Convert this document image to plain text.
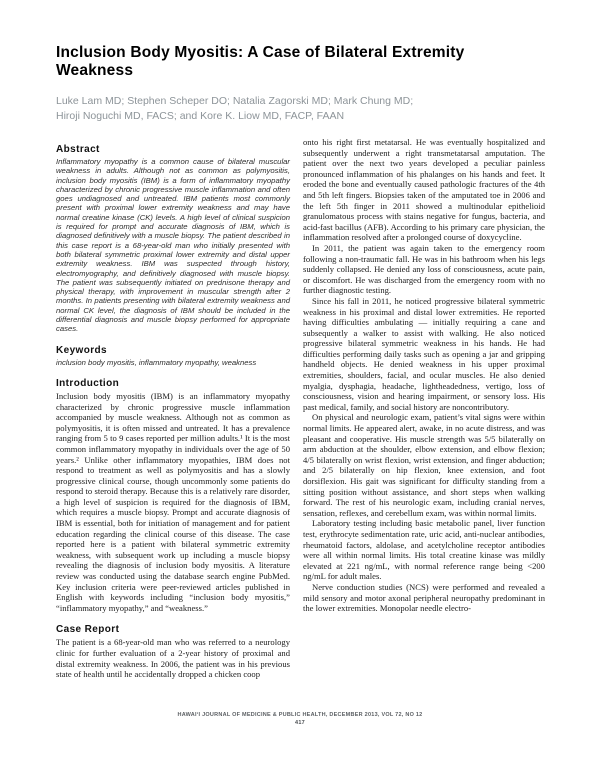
Inclusion Body Myositis: A Case of Bilateral Extremity Weakness
Luke Lam MD; Stephen Scheper DO; Natalia Zagorski MD; Mark Chung MD;
Hiroji Noguchi MD, FACS; and Kore K. Liow MD, FACP, FAAN
Abstract

Inflammatory myopathy is a common cause of bilateral muscular weakness in adults. Although not as common as polymyositis, inclusion body myositis (IBM) is a form of inflammatory myopathy characterized by chronic progressive muscle inflammation and often goes undiagnosed and untreated. IBM patients most commonly present with proximal lower extremity weakness and may have normal creatine kinase (CK) levels. A high level of clinical suspicion is required for prompt and accurate diagnosis of IBM, which is diagnosed definitively with a muscle biopsy. The patient described in this case report is a 68-year-old man who initially presented with both bilateral symmetric proximal lower extremity and distal upper extremity weakness. IBM was suspected through history, electromyography, and definitively diagnosed with muscle biopsy. The patient was subsequently initiated on prednisone therapy and physical therapy, with improvement in muscular strength after 2 months. In patients presenting with bilateral extremity weakness and normal CK level, the diagnosis of IBM should be included in the differential diagnosis and muscle biopsy performed for appropriate cases.

Keywords

inclusion body myositis, inflammatory myopathy, weakness

Introduction

Inclusion body myositis (IBM) is an inflammatory myopathy characterized by chronic progressive muscle inflammation accompanied by muscle weakness. Although not as common as polymyositis, it is often missed and untreated. It has a prevalence ranging from 5 to 9 cases reported per million adults.¹ It is the most common inflammatory myopathy in individuals over the age of 50 years.² Unlike other inflammatory myopathies, IBM does not respond to treatment as well as polymyositis and has a slowly progressive clinical course, though uncommonly some patients do respond to steroid therapy. Because this is a relatively rare disorder, a high level of suspicion is required for the diagnosis of IBM, which requires a muscle biopsy. Prompt and accurate diagnosis of IBM is essential, both for initiation of management and for patient education regarding the clinical course of this disease. The case reported here is a patient with bilateral symmetric extremity weakness, with subsequent work up including a muscle biopsy revealing the diagnosis of inclusion body myositis. A literature review was conducted using the database search engine PubMed. Key inclusion criteria were peer-reviewed articles published in English with keywords including “inclusion body myositis,” “inflammatory myopathy,” and “weakness.”

Case Report

The patient is a 68-year-old man who was referred to a neurology clinic for further evaluation of a 2-year history of proximal and distal extremity weakness. In 2006, the patient was in his previous state of health until he accidentally dropped a chicken coop

onto his right first metatarsal. He was eventually hospitalized and subsequently underwent a right transmetatarsal amputation. The patient over the next two years developed a peculiar painless pronounced inflammation of his phalanges on his hands and feet. It eroded the bone and eventually caused pathologic fractures of the 4th and 5th left fingers. Biopsies taken of the amputated toe in 2006 and the left 5th finger in 2011 showed a multinodular epithelioid granulomatous process with stains negative for fungus, bacteria, and acid-fast bacillus (AFB). According to his primary care physician, the inflammation resolved after a prolonged course of doxycycline.

In 2011, the patient was again taken to the emergency room following a non-traumatic fall. He was in his bathroom when his legs suddenly collapsed. He denied any loss of consciousness, acute pain, or discomfort. He was discharged from the emergency room with no further diagnostic testing.

Since his fall in 2011, he noticed progressive bilateral symmetric weakness in his proximal and distal lower extremities. He reported having difficulties ambulating — initially requiring a cane and subsequently a walker to assist with walking. He also noticed progressive bilateral symmetric weakness in his hands. He had difficulties performing daily tasks such as opening a jar and gripping handheld objects. He denied weakness in his upper proximal extremities, shoulders, facial, and ocular muscles. He also denied myalgia, dysphagia, headache, lightheadedness, vertigo, loss of consciousness, vision and hearing impairment, or sensory loss. His past medical, family, and social history are noncontributory.

On physical and neurologic exam, patient’s vital signs were within normal limits. He appeared alert, awake, in no acute distress, and was pleasant and cooperative. His muscle strength was 5/5 bilaterally on arm abduction at the shoulder, elbow extension, and elbow flexion; 4/5 bilaterally on wrist flexion, wrist extension, and finger abduction; and 2/5 bilaterally on hip flexion, knee extension, and foot dorsiflexion. His gait was significant for difficulty standing from a sitting position without assistance, and short steps when walking forward. The rest of his neurologic exam, including cranial nerves, sensation, reflexes, and cerebellum exam, was within normal limits.

Laboratory testing including basic metabolic panel, liver function test, erythrocyte sedimentation rate, uric acid, anti-nuclear antibodies, rheumatoid factors, aldolase, and acetylcholine receptor antibodies were all within normal limits. His total creatine kinase was mildly elevated at 221 ng/mL, with normal reference range being <200 ng/mL for adult males.

Nerve conduction studies (NCS) were performed and revealed a mild sensory and motor axonal peripheral neuropathy predominant in the lower extremities. Monopolar needle electro-

HAWAI‘I JOURNAL OF MEDICINE & PUBLIC HEALTH, DECEMBER 2013, VOL 72, NO 12
417
